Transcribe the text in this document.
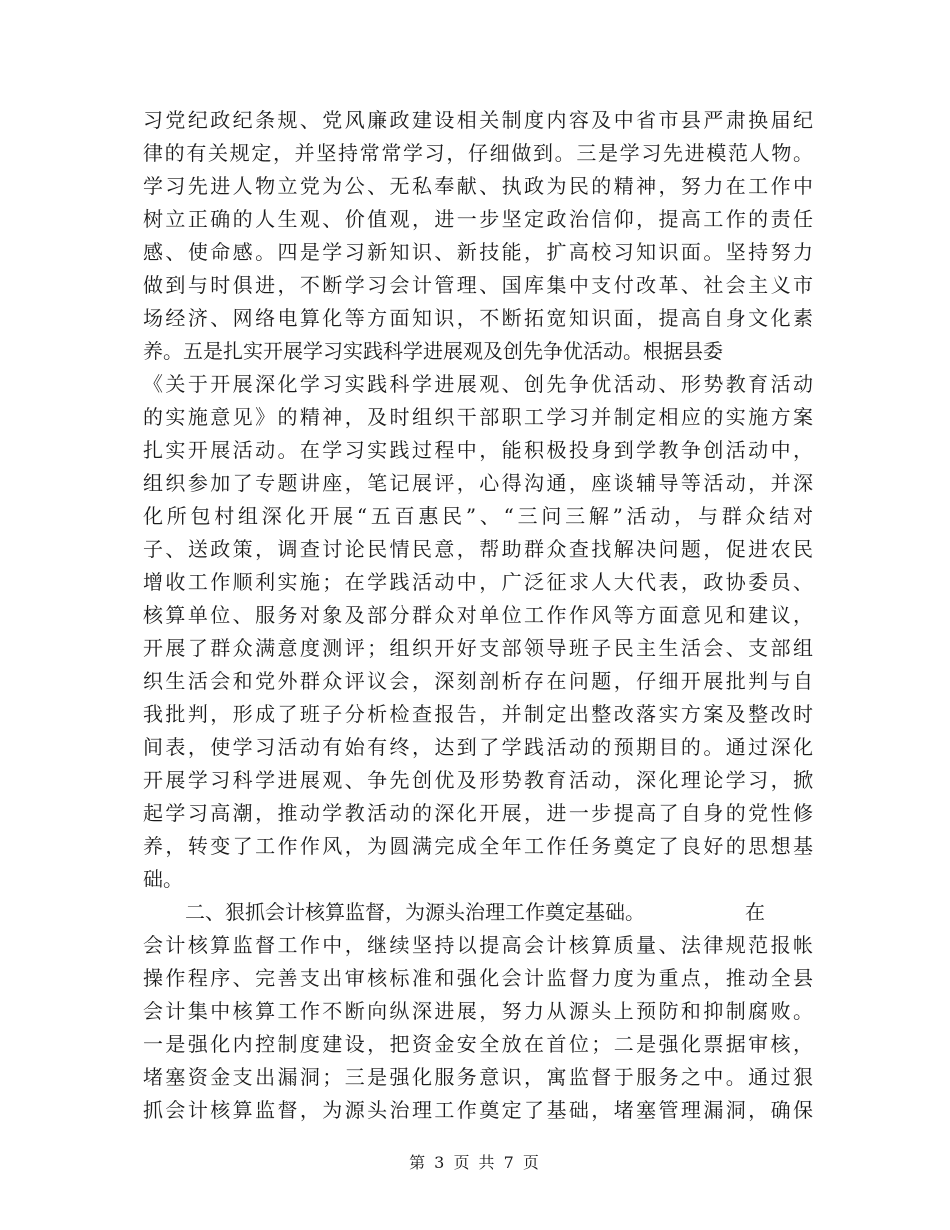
习党纪政纪条规、党风廉政建设相关制度内容及中省市县严肃换届纪
律的有关规定，并坚持常常学习，仔细做到。三是学习先进模范人物。
学习先进人物立党为公、无私奉献、执政为民的精神，努力在工作中
树立正确的人生观、价值观，进一步坚定政治信仰，提高工作的责任
感、使命感。四是学习新知识、新技能，扩高校习知识面。坚持努力
做到与时俱进，不断学习会计管理、国库集中支付改革、社会主义市
场经济、网络电算化等方面知识，不断拓宽知识面，提高自身文化素
养。五是扎实开展学习实践科学进展观及创先争优活动。根据县委
《关于开展深化学习实践科学进展观、创先争优活动、形势教育活动
的实施意见》的精神，及时组织干部职工学习并制定相应的实施方案
扎实开展活动。在学习实践过程中，能积极投身到学教争创活动中，
组织参加了专题讲座，笔记展评，心得沟通，座谈辅导等活动，并深
化所包村组深化开展“五百惠民”、“三问三解”活动，与群众结对
子、送政策，调查讨论民情民意，帮助群众查找解决问题，促进农民
增收工作顺利实施；在学践活动中，广泛征求人大代表，政协委员、
核算单位、服务对象及部分群众对单位工作作风等方面意见和建议，
开展了群众满意度测评；组织开好支部领导班子民主生活会、支部组
织生活会和党外群众评议会，深刻剖析存在问题，仔细开展批判与自
我批判，形成了班子分析检查报告，并制定出整改落实方案及整改时
间表，使学习活动有始有终，达到了学践活动的预期目的。通过深化
开展学习科学进展观、争先创优及形势教育活动，深化理论学习，掀
起学习高潮，推动学教活动的深化开展，进一步提高了自身的党性修
养，转变了工作作风，为圆满完成全年工作任务奠定了良好的思想基
础。
二、狠抓会计核算监督，为源头治理工作奠定基础。	在
会计核算监督工作中，继续坚持以提高会计核算质量、法律规范报帐
操作程序、完善支出审核标准和强化会计监督力度为重点，推动全县
会计集中核算工作不断向纵深进展，努力从源头上预防和抑制腐败。
一是强化内控制度建设，把资金安全放在首位；二是强化票据审核，
堵塞资金支出漏洞；三是强化服务意识，寓监督于服务之中。通过狠
抓会计核算监督，为源头治理工作奠定了基础，堵塞管理漏洞，确保
第 3 页 共 7 页
